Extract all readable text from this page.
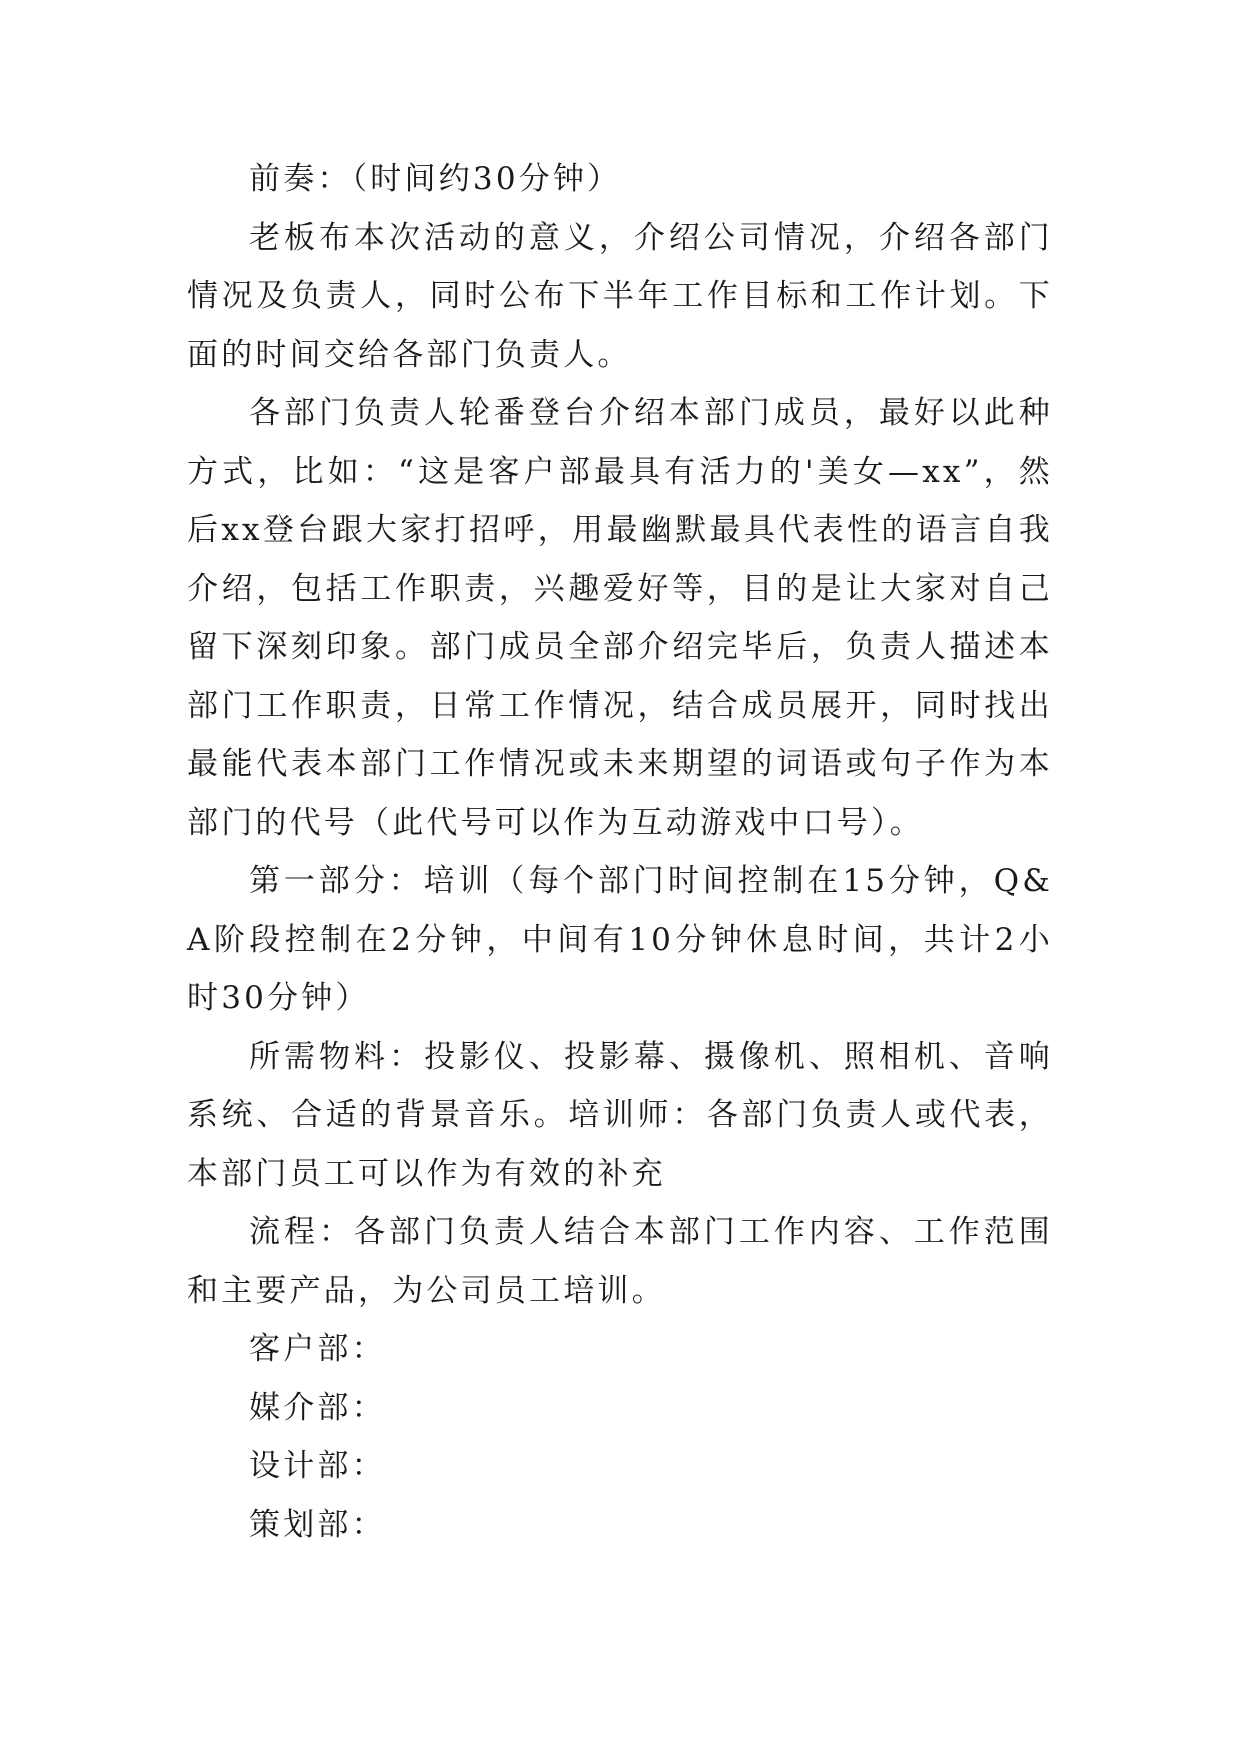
前奏：（时间约30分钟）

老板布本次活动的意义，介绍公司情况，介绍各部门情况及负责人，同时公布下半年工作目标和工作计划。下面的时间交给各部门负责人。

各部门负责人轮番登台介绍本部门成员，最好以此种方式，比如：“这是客户部最具有活力的'美女—xx”，然后xx登台跟大家打招呼，用最幽默最具代表性的语言自我介绍，包括工作职责，兴趣爱好等，目的是让大家对自己留下深刻印象。部门成员全部介绍完毕后，负责人描述本部门工作职责，日常工作情况，结合成员展开，同时找出最能代表本部门工作情况或未来期望的词语或句子作为本部门的代号（此代号可以作为互动游戏中口号）。

第一部分：培训（每个部门时间控制在15分钟，Q&A阶段控制在2分钟，中间有10分钟休息时间，共计2小时30分钟）

所需物料：投影仪、投影幕、摄像机、照相机、音响系统、合适的背景音乐。培训师：各部门负责人或代表，本部门员工可以作为有效的补充

流程：各部门负责人结合本部门工作内容、工作范围和主要产品，为公司员工培训。

客户部：

媒介部：

设计部：

策划部：
